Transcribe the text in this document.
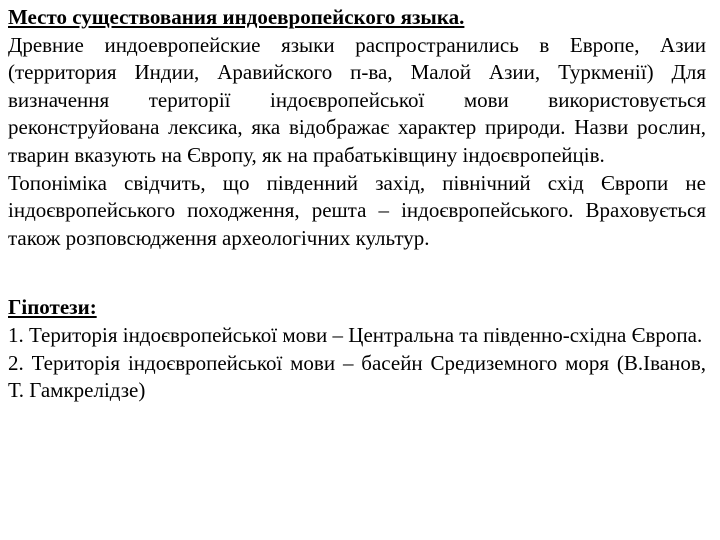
Место существования индоевропейского языка.

Древние индоевропейские языки распространились в Европе, Азии (территория Индии, Аравийского п-ва, Малой Азии, Туркменії) Для визначення території індоєвропейської мови використовується реконструйована лексика, яка відображає характер природи. Назви рослин, тварин вказують на Європу, як на прабатьківщину індоєвропейців.

Топоніміка свідчить, що південний захід, північний схід Європи не індоєвропейського походження, решта – індоєвропейського. Враховується також розповсюдження археологічних культур.

Гіпотези:

1. Територія індоєвропейської мови – Центральна та південно-східна Європа.

2. Територія індоєвропейської мови – басейн Средиземного моря (В.Іванов, Т. Гамкрелідзе)
